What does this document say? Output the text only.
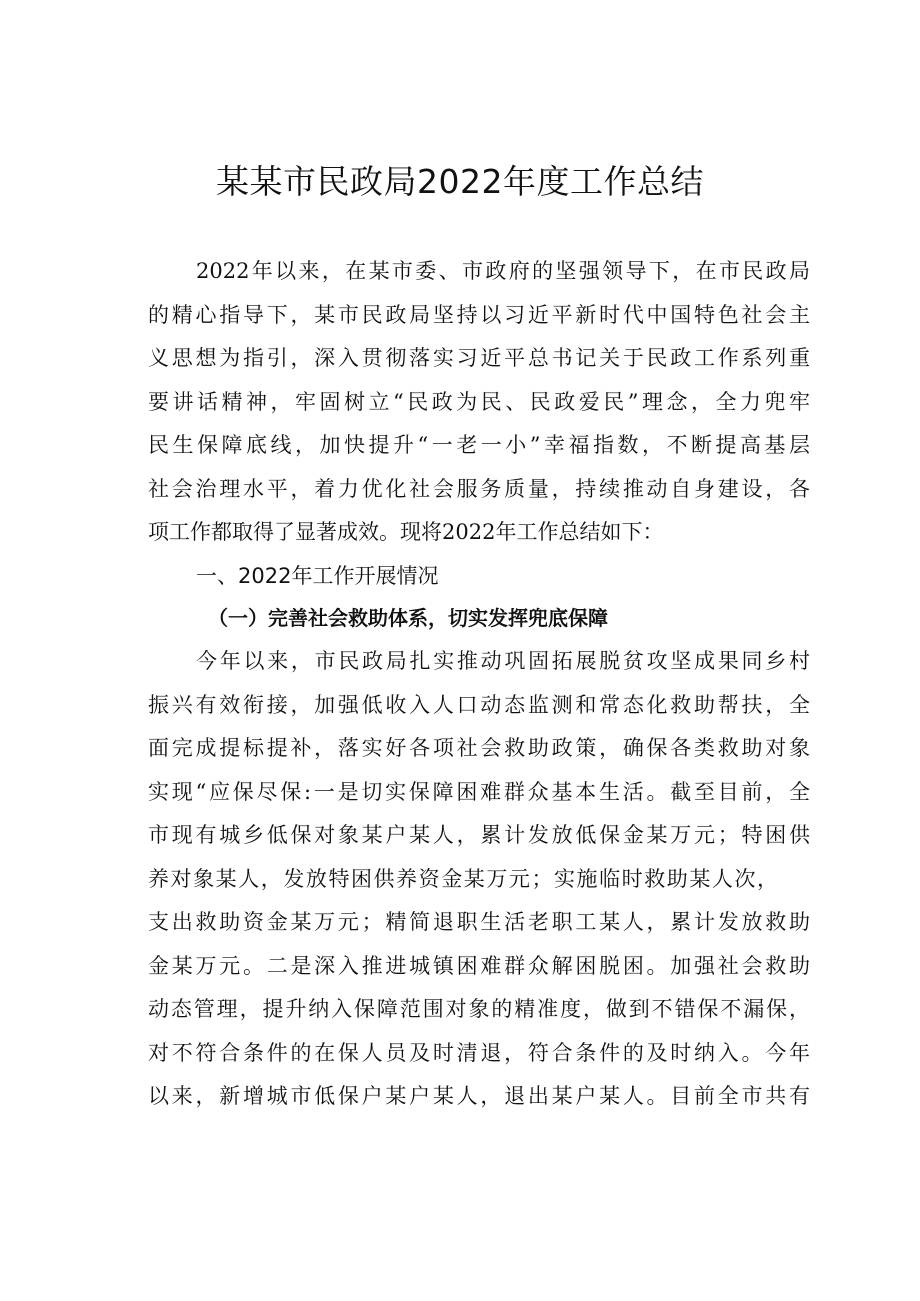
某某市民政局2022年度工作总结
2022年以来，在某市委、市政府的坚强领导下，在市民政局
的精心指导下，某市民政局坚持以习近平新时代中国特色社会主
义思想为指引，深入贯彻落实习近平总书记关于民政工作系列重
要讲话精神，牢固树立“民政为民、民政爱民”理念，全力兜牢
民生保障底线，加快提升“一老一小”幸福指数，不断提高基层
社会治理水平，着力优化社会服务质量，持续推动自身建设，各
项工作都取得了显著成效。现将2022年工作总结如下：
一、2022年工作开展情况
（一）完善社会救助体系，切实发挥兜底保障
今年以来，市民政局扎实推动巩固拓展脱贫攻坚成果同乡村
振兴有效衔接，加强低收入人口动态监测和常态化救助帮扶，全
面完成提标提补，落实好各项社会救助政策，确保各类救助对象
实现“应保尽保:一是切实保障困难群众基本生活。截至目前，全
市现有城乡低保对象某户某人，累计发放低保金某万元；特困供
养对象某人，发放特困供养资金某万元；实施临时救助某人次，
支出救助资金某万元；精简退职生活老职工某人，累计发放救助
金某万元。二是深入推进城镇困难群众解困脱困。加强社会救助
动态管理，提升纳入保障范围对象的精准度，做到不错保不漏保，
对不符合条件的在保人员及时清退，符合条件的及时纳入。今年
以来，新增城市低保户某户某人，退出某户某人。目前全市共有
